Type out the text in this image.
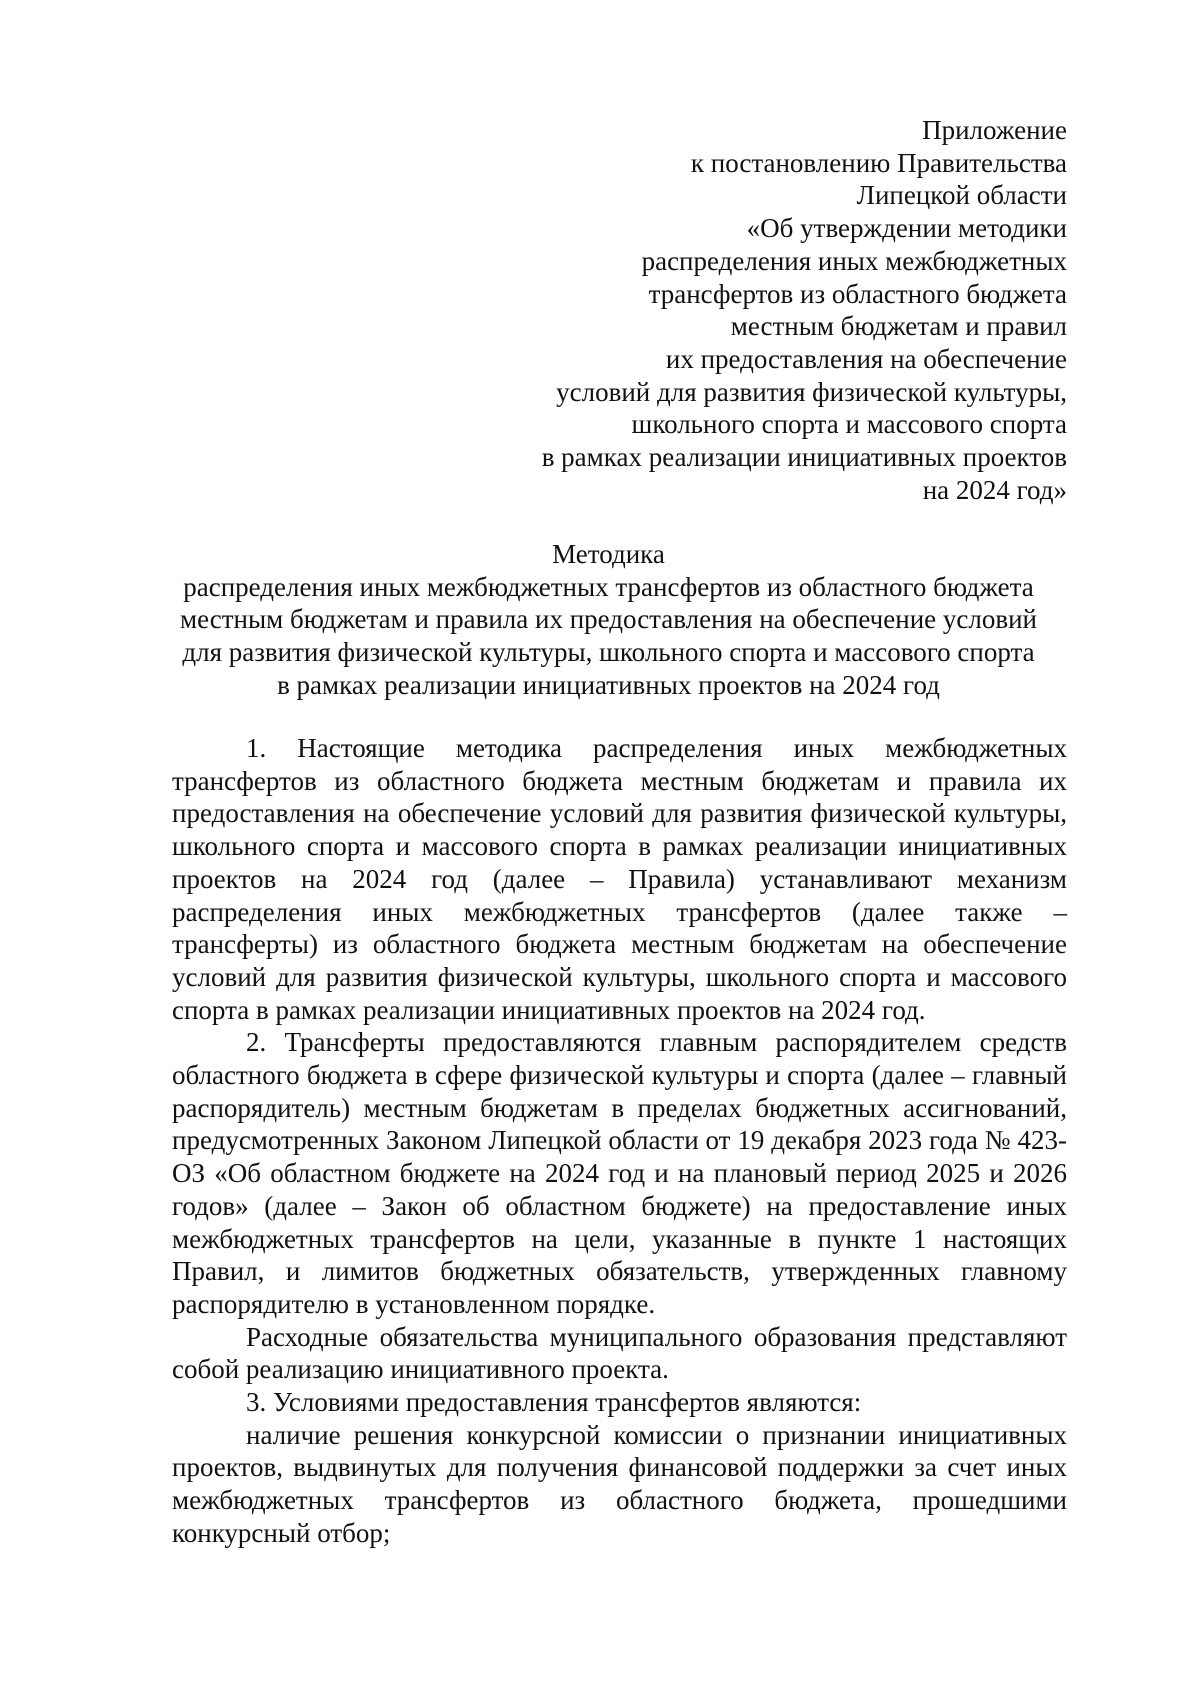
Приложение
к постановлению Правительства
Липецкой области
«Об утверждении методики
распределения иных межбюджетных
трансфертов из областного бюджета
местным бюджетам и правил
их предоставления на обеспечение
условий для развития физической культуры,
школьного спорта и массового спорта
в рамках реализации инициативных проектов
на 2024 год»
Методика
распределения иных межбюджетных трансфертов из областного бюджета
местным бюджетам и правила их предоставления на обеспечение условий
для развития физической культуры, школьного спорта и массового спорта
в рамках реализации инициативных проектов на 2024 год

1. Настоящие методика распределения иных межбюджетных трансфертов из областного бюджета местным бюджетам и правила их предоставления на обеспечение условий для развития физической культуры, школьного спорта и массового спорта в рамках реализации инициативных проектов на 2024 год (далее – Правила) устанавливают механизм распределения иных межбюджетных трансфертов (далее также – трансферты) из областного бюджета местным бюджетам на обеспечение условий для развития физической культуры, школьного спорта и массового спорта в рамках реализации инициативных проектов на 2024 год.

2. Трансферты предоставляются главным распорядителем средств областного бюджета в сфере физической культуры и спорта (далее – главный распорядитель) местным бюджетам в пределах бюджетных ассигнований, предусмотренных Законом Липецкой области от 19 декабря 2023 года № 423-ОЗ «Об областном бюджете на 2024 год и на плановый период 2025 и 2026 годов» (далее – Закон об областном бюджете) на предоставление иных межбюджетных трансфертов на цели, указанные в пункте 1 настоящих Правил, и лимитов бюджетных обязательств, утвержденных главному распорядителю в установленном порядке.

Расходные обязательства муниципального образования представляют собой реализацию инициативного проекта.

3. Условиями предоставления трансфертов являются:

наличие решения конкурсной комиссии о признании инициативных проектов, выдвинутых для получения финансовой поддержки за счет иных межбюджетных трансфертов из областного бюджета, прошедшими конкурсный отбор;
